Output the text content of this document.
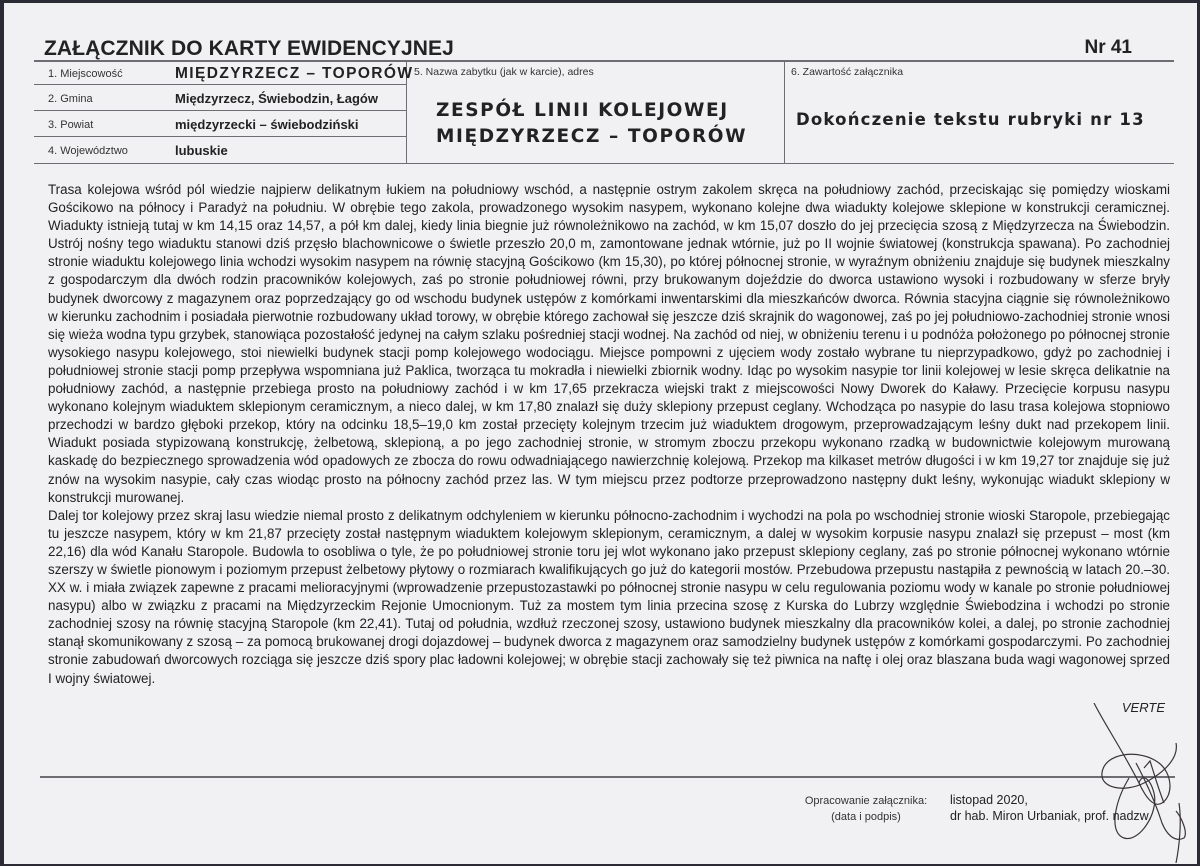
ZAŁĄCZNIK DO KARTY EWIDENCYJNEJ	Nr 41
1. Miejscowość	MIĘDZYRZECZ – TOPORÓW
2. Gmina	Międzyrzecz, Świebodzin, Łagów
3. Powiat	międzyrzecki – świebodziński
4. Województwo	lubuskie
5. Nazwa zabytku (jak w karcie), adres
ZESPÓŁ LINII KOLEJOWEJ
MIĘDZYRZECZ – TOPORÓW
6. Zawartość załącznika
Dokończenie tekstu rubryki nr 13

Trasa kolejowa wśród pól wiedzie najpierw delikatnym łukiem na południowy wschód, a następnie ostrym zakolem skręca na południowy zachód, przeciskając się pomiędzy wioskami Gościkowo na północy i Paradyż na południu. W obrębie tego zakola, prowadzonego wysokim nasypem, wykonano kolejne dwa wiadukty kolejowe sklepione w konstrukcji ceramicznej. Wiadukty istnieją tutaj w km 14,15 oraz 14,57, a pół km dalej, kiedy linia biegnie już równoleżnikowo na zachód, w km 15,07 doszło do jej przecięcia szosą z Międzyrzecza na Świebodzin. Ustrój nośny tego wiaduktu stanowi dziś przęsło blachownicowe o świetle przeszło 20,0 m, zamontowane jednak wtórnie, już po II wojnie światowej (konstrukcja spawana). Po zachodniej stronie wiaduktu kolejowego linia wchodzi wysokim nasypem na równię stacyjną Gościkowo (km 15,30), po której północnej stronie, w wyraźnym obniżeniu znajduje się budynek mieszkalny z gospodarczym dla dwóch rodzin pracowników kolejowych, zaś po stronie południowej równi, przy brukowanym dojeździe do dworca ustawiono wysoki i rozbudowany w sferze bryły budynek dworcowy z magazynem oraz poprzedzający go od wschodu budynek ustępów z komórkami inwentarskimi dla mieszkańców dworca. Równia stacyjna ciągnie się równoleżnikowo w kierunku zachodnim i posiadała pierwotnie rozbudowany układ torowy, w obrębie którego zachował się jeszcze dziś skrajnik do wagonowej, zaś po jej południowo-zachodniej stronie wnosi się wieża wodna typu grzybek, stanowiąca pozostałość jedynej na całym szlaku pośredniej stacji wodnej. Na zachód od niej, w obniżeniu terenu i u podnóża położonego po północnej stronie wysokiego nasypu kolejowego, stoi niewielki budynek stacji pomp kolejowego wodociągu. Miejsce pompowni z ujęciem wody zostało wybrane tu nieprzypadkowo, gdyż po zachodniej i południowej stronie stacji pomp przepływa wspomniana już Paklica, tworząca tu mokradła i niewielki zbiornik wodny. Idąc po wysokim nasypie tor linii kolejowej w lesie skręca delikatnie na południowy zachód, a następnie przebiega prosto na południowy zachód i w km 17,65 przekracza wiejski trakt z miejscowości Nowy Dworek do Kaławy. Przecięcie korpusu nasypu wykonano kolejnym wiaduktem sklepionym ceramicznym, a nieco dalej, w km 17,80 znalazł się duży sklepiony przepust ceglany. Wchodząca po nasypie do lasu trasa kolejowa stopniowo przechodzi w bardzo głęboki przekop, który na odcinku 18,5–19,0 km został przecięty kolejnym trzecim już wiaduktem drogowym, przeprowadzającym leśny dukt nad przekopem linii. Wiadukt posiada stypizowaną konstrukcję, żelbetową, sklepioną, a po jego zachodniej stronie, w stromym zboczu przekopu wykonano rzadką w budownictwie kolejowym murowaną kaskadę do bezpiecznego sprowadzenia wód opadowych ze zbocza do rowu odwadniającego nawierzchnię kolejową. Przekop ma kilkaset metrów długości i w km 19,27 tor znajduje się już znów na wysokim nasypie, cały czas wiodąc prosto na północny zachód przez las. W tym miejscu przez podtorze przeprowadzono następny dukt leśny, wykonując wiadukt sklepiony w konstrukcji murowanej.

Dalej tor kolejowy przez skraj lasu wiedzie niemal prosto z delikatnym odchyleniem w kierunku północno-zachodnim i wychodzi na pola po wschodniej stronie wioski Staropole, przebiegając tu jeszcze nasypem, który w km 21,87 przecięty został następnym wiaduktem kolejowym sklepionym, ceramicznym, a dalej w wysokim korpusie nasypu znalazł się przepust – most (km 22,16) dla wód Kanału Staropole. Budowla to osobliwa o tyle, że po południowej stronie toru jej wlot wykonano jako przepust sklepiony ceglany, zaś po stronie północnej wykonano wtórnie szerszy w świetle pionowym i poziomym przepust żelbetowy płytowy o rozmiarach kwalifikujących go już do kategorii mostów. Przebudowa przepustu nastąpiła z pewnością w latach 20.–30. XX w. i miała związek zapewne z pracami melioracyjnymi (wprowadzenie przepustozastawki po północnej stronie nasypu w celu regulowania poziomu wody w kanale po stronie południowej nasypu) albo w związku z pracami na Międzyrzeckim Rejonie Umocnionym. Tuż za mostem tym linia przecina szosę z Kurska do Lubrzy względnie Świebodzina i wchodzi po stronie zachodniej szosy na równię stacyjną Staropole (km 22,41). Tutaj od południa, wzdłuż rzeczonej szosy, ustawiono budynek mieszkalny dla pracowników kolei, a dalej, po stronie zachodniej stanął skomunikowany z szosą – za pomocą brukowanej drogi dojazdowej – budynek dworca z magazynem oraz samodzielny budynek ustępów z komórkami gospodarczymi. Po zachodniej stronie zabudowań dworcowych rozciąga się jeszcze dziś spory plac ładowni kolejowej; w obrębie stacji zachowały się też piwnica na naftę i olej oraz blaszana buda wagi wagonowej sprzed I wojny światowej.

VERTE
Opracowanie załącznika:
(data i podpis)
listopad 2020,
dr hab. Miron Urbaniak, prof. nadzw.
